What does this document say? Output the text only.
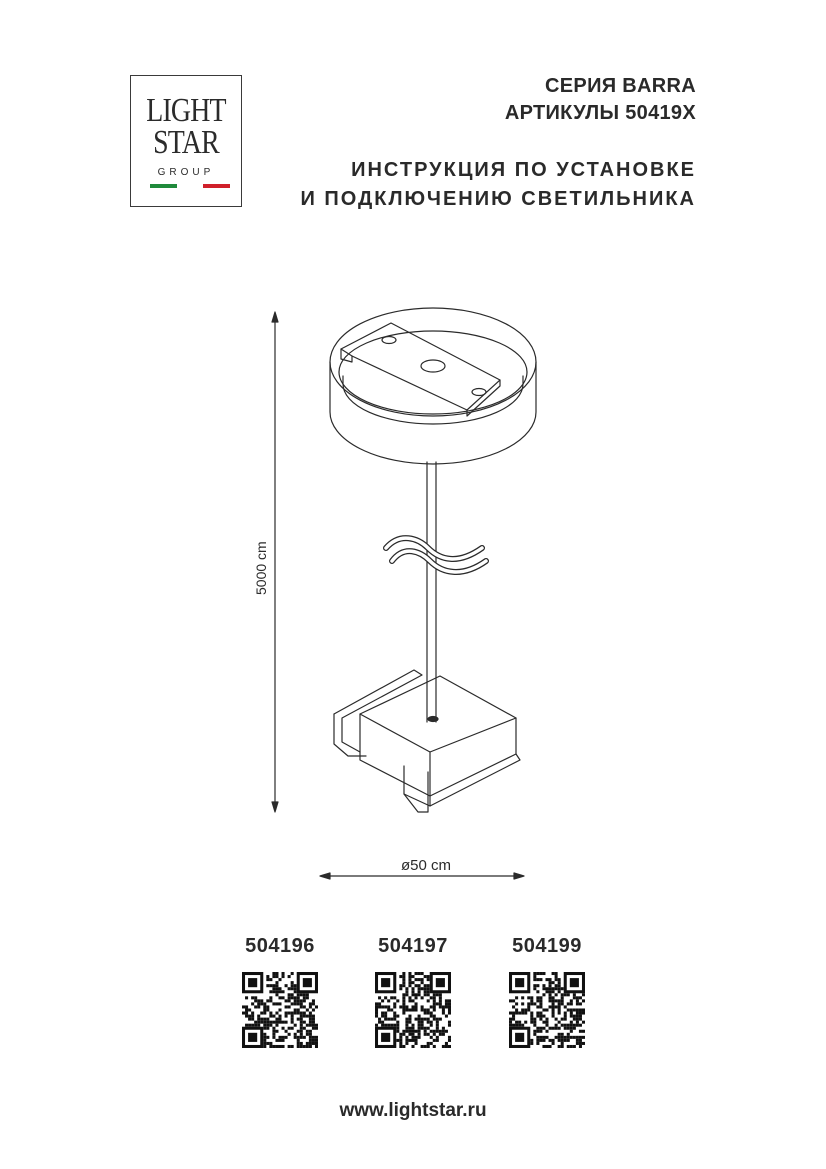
LIGHT
STAR
GROUP
СЕРИЯ BARRA
АРТИКУЛЫ 50419X
ИНСТРУКЦИЯ ПО УСТАНОВКЕ
И ПОДКЛЮЧЕНИЮ СВЕТИЛЬНИКА
5000 cm
ø50 cm
504196	504197	504199
www.lightstar.ru
